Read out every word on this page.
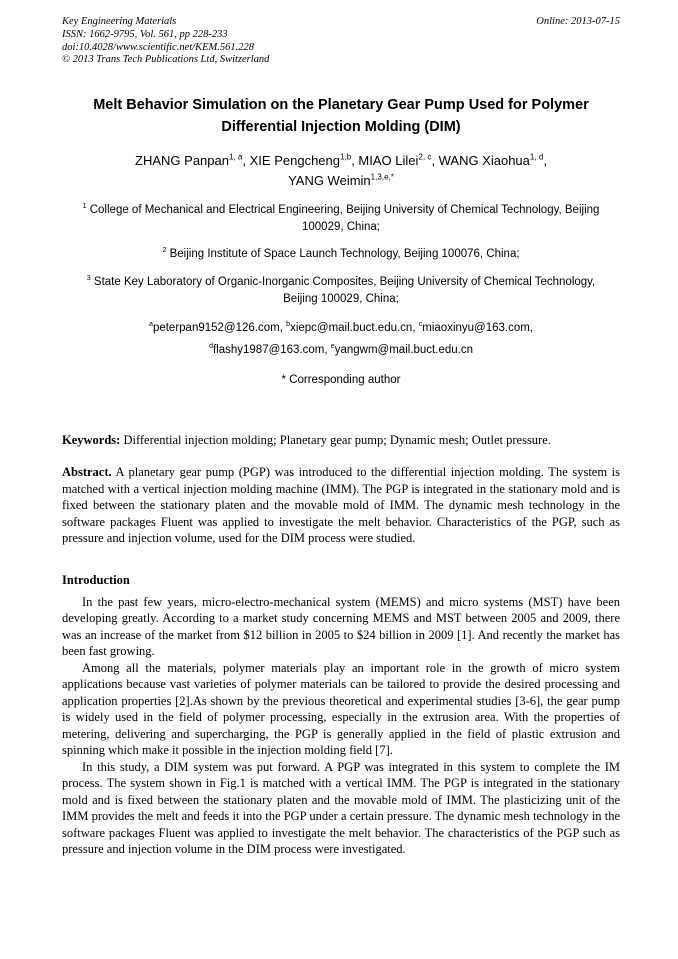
Key Engineering Materials
ISSN: 1662-9795, Vol. 561, pp 228-233
doi:10.4028/www.scientific.net/KEM.561.228
© 2013 Trans Tech Publications Ltd, Switzerland
Online: 2013-07-15
Melt Behavior Simulation on the Planetary Gear Pump Used for Polymer Differential Injection Molding (DIM)
ZHANG Panpan$^{1, a}$, XIE Pengcheng$^{1,b}$, MIAO Lilei$^{2, c}$, WANG Xiaohua$^{1, d}$,
YANG Weimin$^{1,3,e,*}$
$^1$ College of Mechanical and Electrical Engineering, Beijing University of Chemical Technology, Beijing 100029, China;
$^2$ Beijing Institute of Space Launch Technology, Beijing 100076, China;
$^3$ State Key Laboratory of Organic-Inorganic Composites, Beijing University of Chemical Technology, Beijing 100029, China;
$^a$peterpan9152@126.com, $^b$xiepc@mail.buct.edu.cn, $^c$miaoxinyu@163.com,
$^d$flashy1987@163.com, $^e$yangwm@mail.buct.edu.cn
* Corresponding author

Keywords: Differential injection molding; Planetary gear pump; Dynamic mesh; Outlet pressure.

Abstract. A planetary gear pump (PGP) was introduced to the differential injection molding. The system is matched with a vertical injection molding machine (IMM). The PGP is integrated in the stationary mold and is fixed between the stationary platen and the movable mold of IMM. The dynamic mesh technology in the software packages Fluent was applied to investigate the melt behavior. Characteristics of the PGP, such as pressure and injection volume, used for the DIM process were studied.

Introduction

In the past few years, micro-electro-mechanical system (MEMS) and micro systems (MST) have been developing greatly. According to a market study concerning MEMS and MST between 2005 and 2009, there was an increase of the market from $12 billion in 2005 to $24 billion in 2009 [1]. And recently the market has been fast growing.

Among all the materials, polymer materials play an important role in the growth of micro system applications because vast varieties of polymer materials can be tailored to provide the desired processing and application properties [2].As shown by the previous theoretical and experimental studies [3-6], the gear pump is widely used in the field of polymer processing, especially in the extrusion area. With the properties of metering, delivering and supercharging, the PGP is generally applied in the field of plastic extrusion and spinning which make it possible in the injection molding field [7].

In this study, a DIM system was put forward. A PGP was integrated in this system to complete the IM process. The system shown in Fig.1 is matched with a vertical IMM. The PGP is integrated in the stationary mold and is fixed between the stationary platen and the movable mold of IMM. The plasticizing unit of the IMM provides the melt and feeds it into the PGP under a certain pressure. The dynamic mesh technology in the software packages Fluent was applied to investigate the melt behavior. The characteristics of the PGP such as pressure and injection volume in the DIM process were investigated.
